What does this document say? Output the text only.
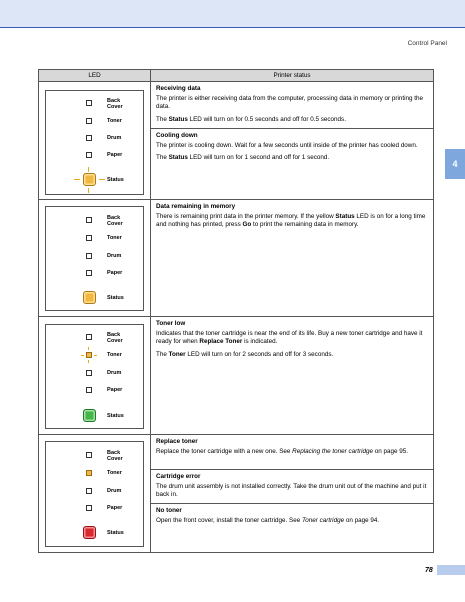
Control Panel
4
LED	Printer status
Back
Cover
Toner
Drum
Paper
Status
Receiving data
The printer is either receiving data from the computer, processing data in memory or printing the data.
The Status LED will turn on for 0.5 seconds and off for 0.5 seconds.
Cooling down
The printer is cooling down. Wait for a few seconds until inside of the printer has cooled down.
The Status LED will turn on for 1 second and off for 1 second.
Back
Cover
Toner
Drum
Paper
Status
Data remaining in memory
There is remaining print data in the printer memory. If the yellow Status LED is on for a long time and nothing has printed, press Go to print the remaining data in memory.
Back
Cover
Toner
Drum
Paper
Status
Toner low
Indicates that the toner cartridge is near the end of its life. Buy a new toner cartridge and have it ready for when Replace Toner is indicated.
The Toner LED will turn on for 2 seconds and off for 3 seconds.
Back
Cover
Toner
Drum
Paper
Status
Replace toner
Replace the toner cartridge with a new one. See Replacing the toner cartridge on page 95.
Cartridge error
The drum unit assembly is not installed correctly. Take the drum unit out of the machine and put it back in.
No toner
Open the front cover, install the toner cartridge. See Toner cartridge on page 94.
78
